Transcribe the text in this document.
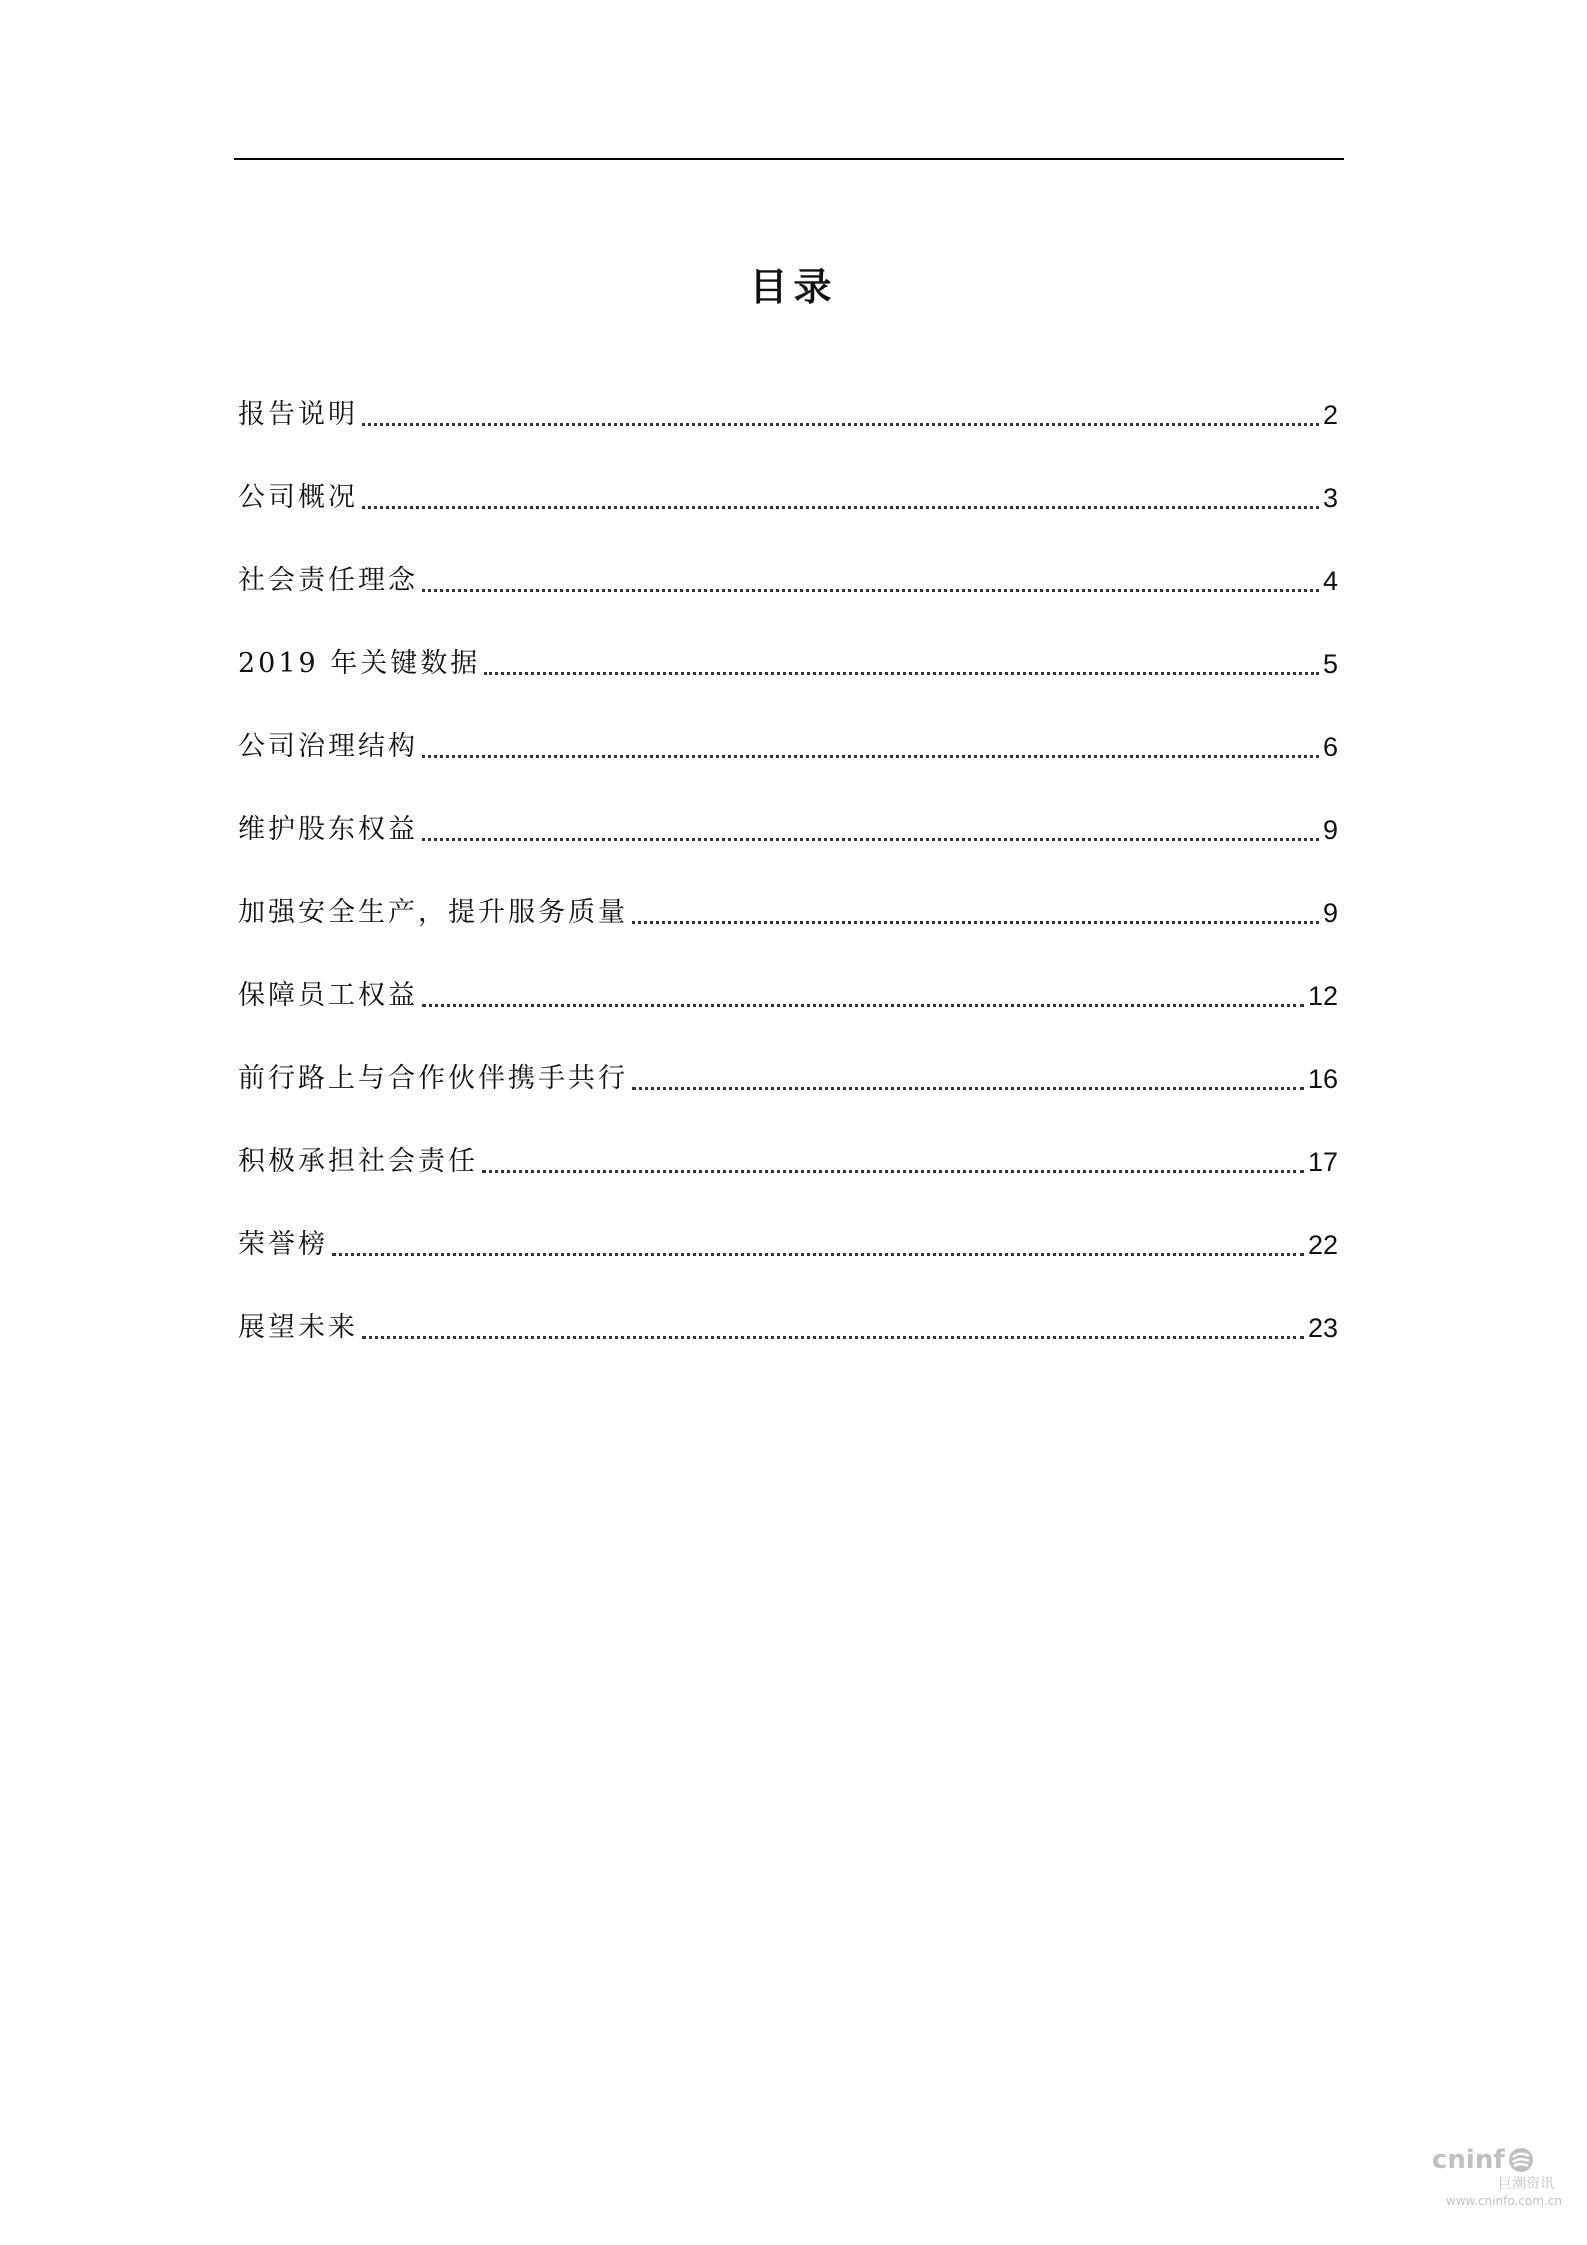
目录
报告说明	2
公司概况	3
社会责任理念	4
2019 年关键数据	5
公司治理结构	6
维护股东权益	9
加强安全生产，提升服务质量	9
保障员工权益	12
前行路上与合作伙伴携手共行	16
积极承担社会责任	17
荣誉榜	22
展望未来	23
cninf
巨潮资讯
www.cninfo.com.cn
